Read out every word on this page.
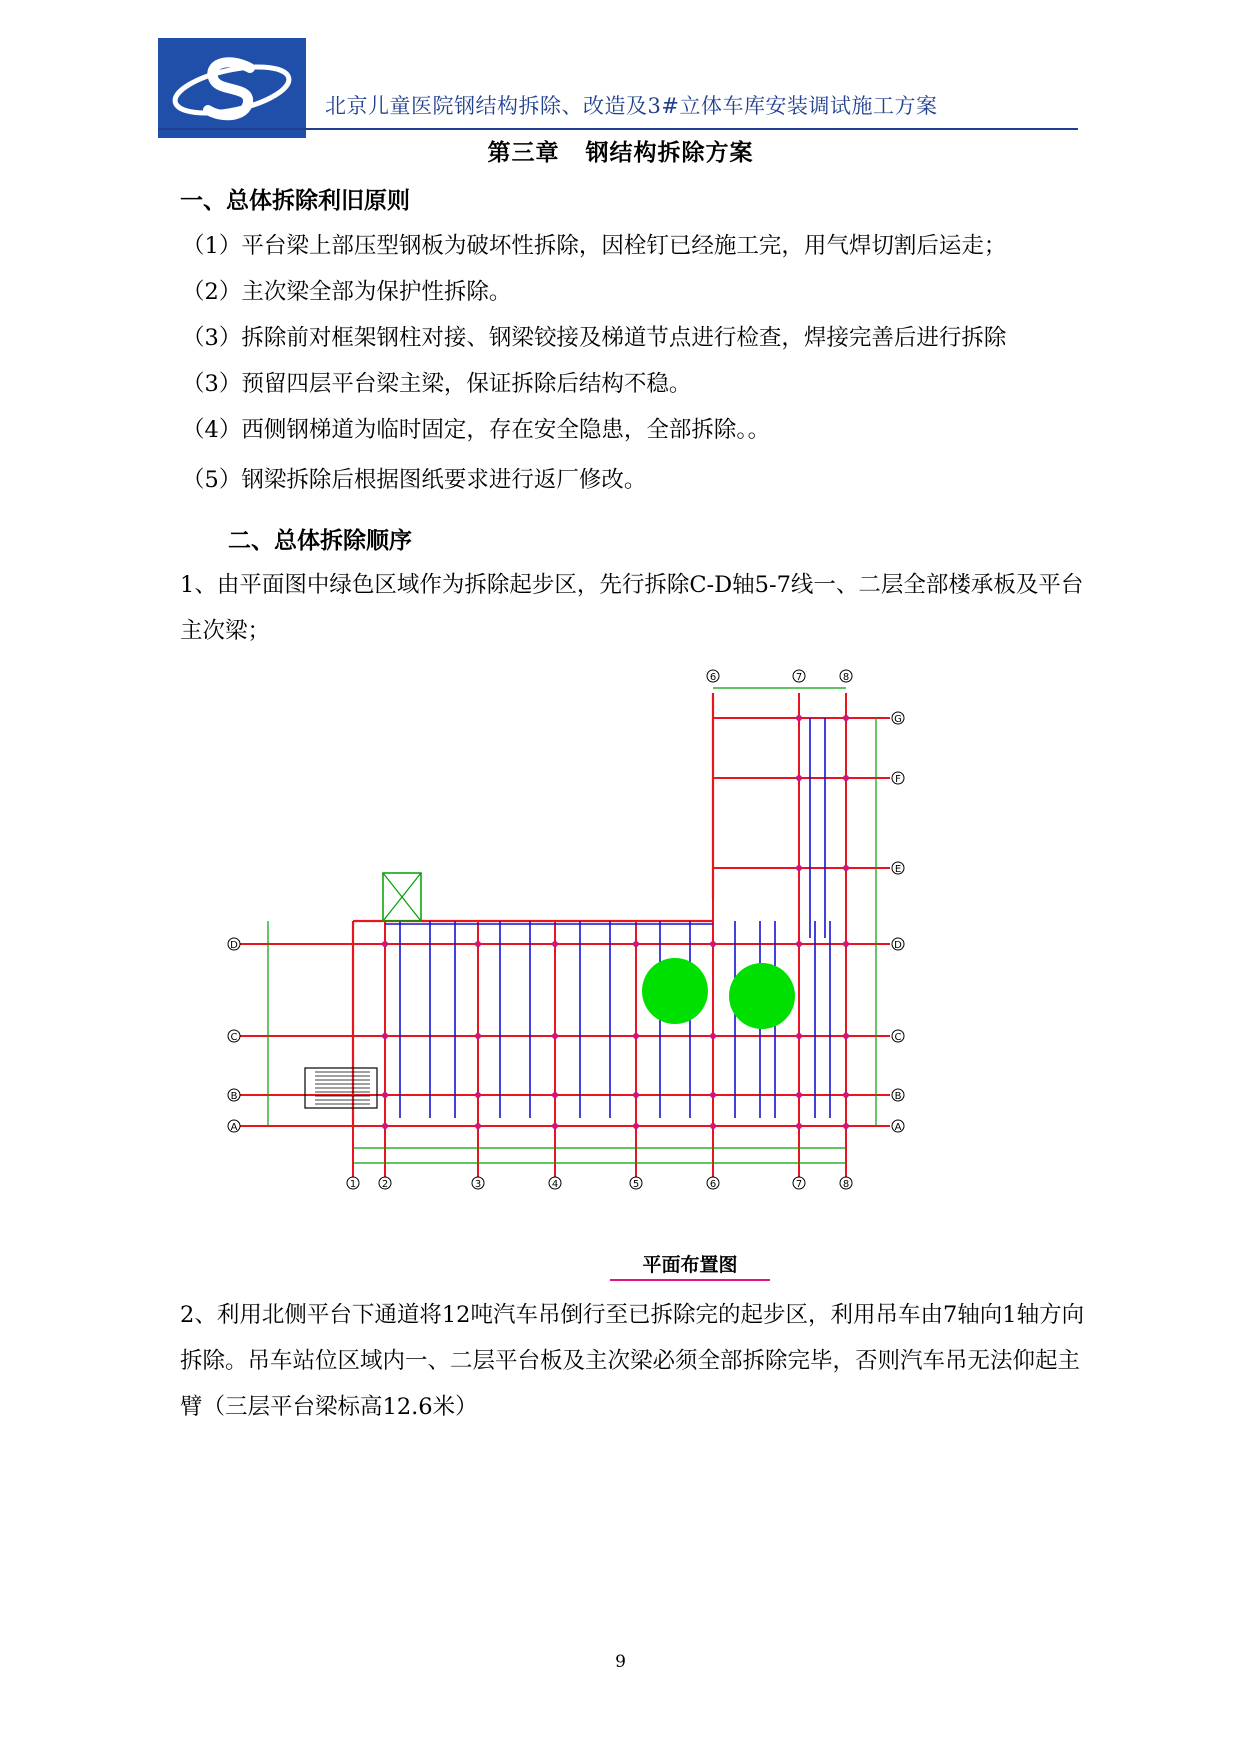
北京儿童医院钢结构拆除、改造及3#立体车库安装调试施工方案
第三章 钢结构拆除方案
一、总体拆除利旧原则
（1）平台梁上部压型钢板为破坏性拆除，因栓钉已经施工完，用气焊切割后运走；
（2）主次梁全部为保护性拆除。
（3）拆除前对框架钢柱对接、钢梁铰接及梯道节点进行检查，焊接完善后进行拆除
（3）预留四层平台梁主梁，保证拆除后结构不稳。
（4）西侧钢梯道为临时固定，存在安全隐患，全部拆除。。
（5）钢梁拆除后根据图纸要求进行返厂修改。
二、总体拆除顺序
1、由平面图中绿色区域作为拆除起步区，先行拆除C-D轴5-7线一、二层全部楼承板及平台主次梁；
G
F
E
D	D
C	C
B	B
A	A
1	2	3	4	5	6	7	8
6	7	8
平面布置图
2、利用北侧平台下通道将12吨汽车吊倒行至已拆除完的起步区，利用吊车由7轴向1轴方向拆除。吊车站位区域内一、二层平台板及主次梁必须全部拆除完毕，否则汽车吊无法仰起主臂（三层平台梁标高12.6米）
9
